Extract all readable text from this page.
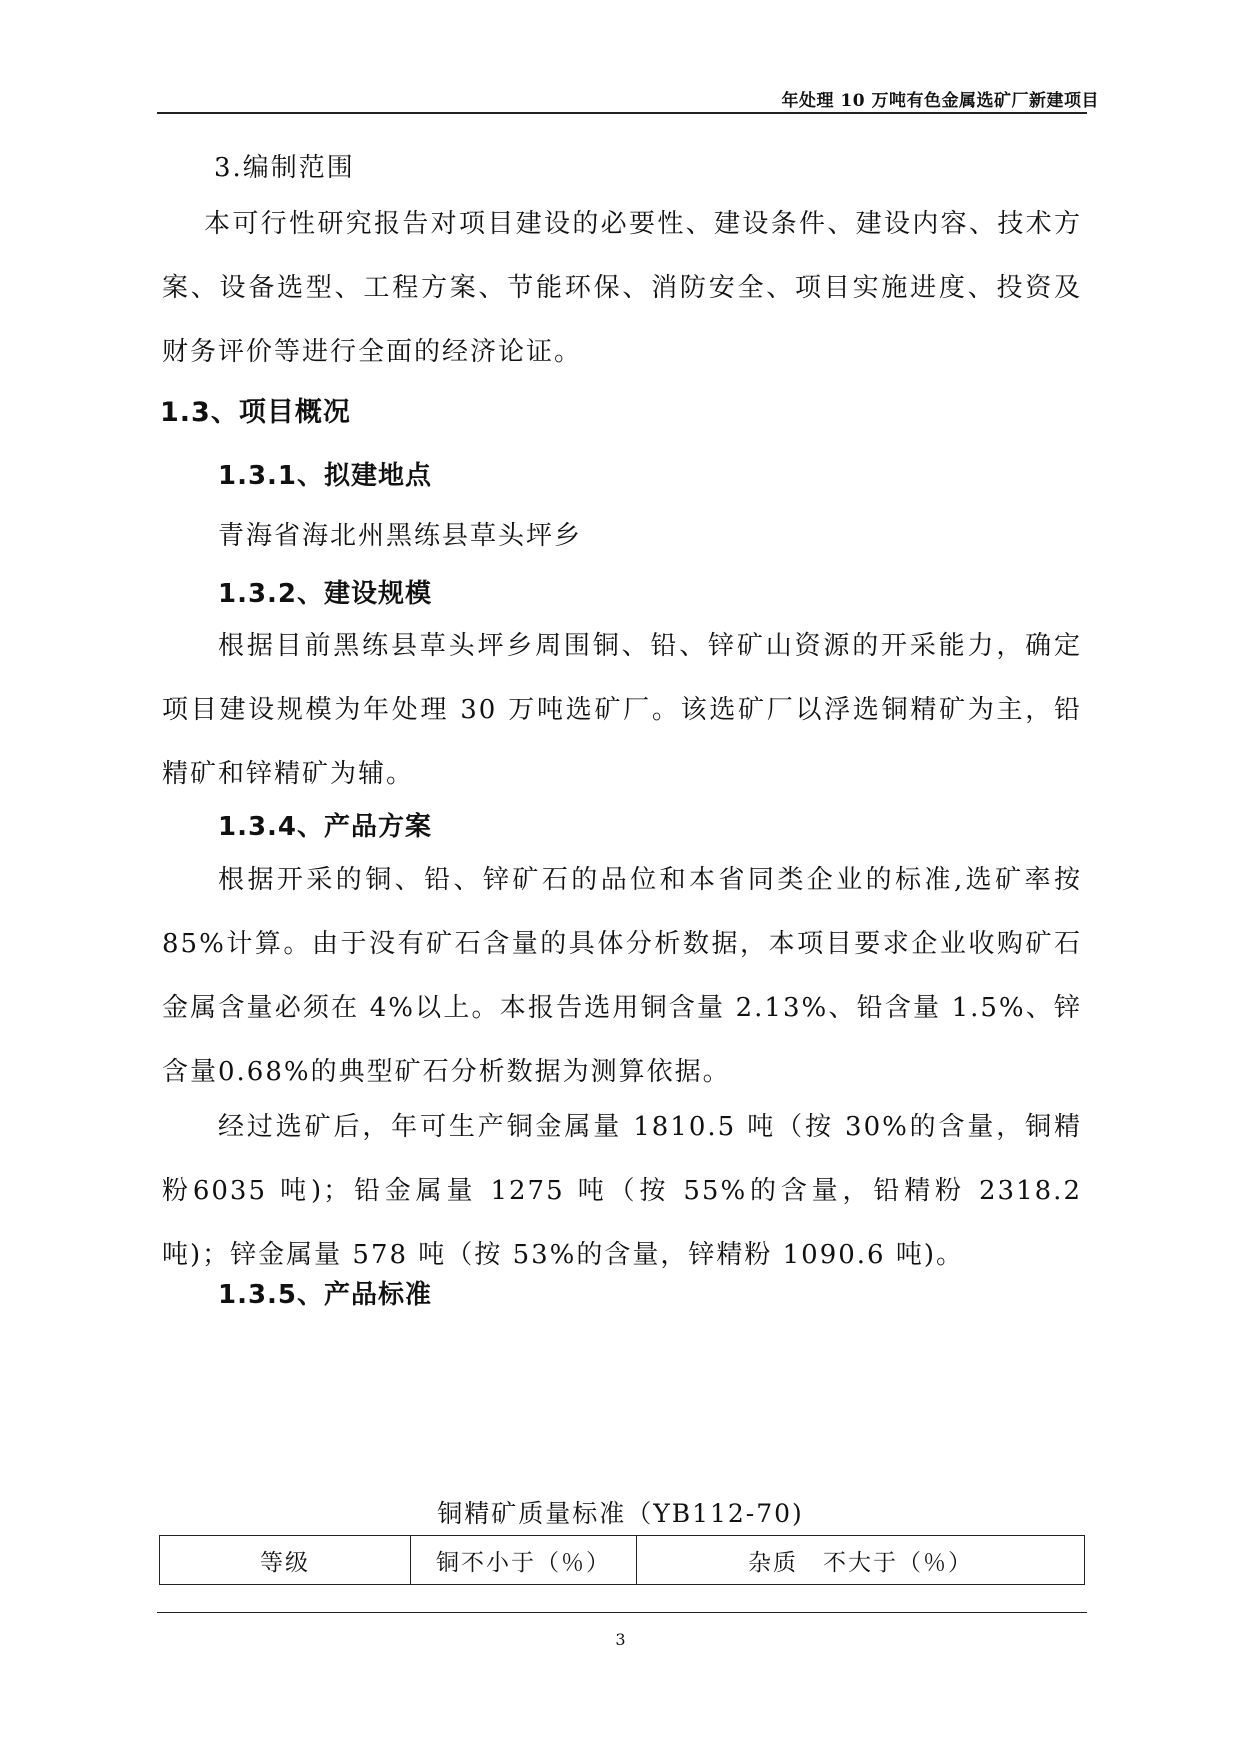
年处理 10 万吨有色金属选矿厂新建项目
3.编制范围

本可行性研究报告对项目建设的必要性、建设条件、建设内容、技术方案、设备选型、工程方案、节能环保、消防安全、项目实施进度、投资及财务评价等进行全面的经济论证。

1.3、项目概况
1.3.1、拟建地点
青海省海北州黑练县草头坪乡
1.3.2、建设规模

根据目前黑练县草头坪乡周围铜、铅、锌矿山资源的开采能力，确定项目建设规模为年处理 30 万吨选矿厂。该选矿厂以浮选铜精矿为主，铅精矿和锌精矿为辅。

1.3.4、产品方案

根据开采的铜、铅、锌矿石的品位和本省同类企业的标准,选矿率按85%计算。由于没有矿石含量的具体分析数据，本项目要求企业收购矿石金属含量必须在 4%以上。本报告选用铜含量 2.13%、铅含量 1.5%、锌含量0.68%的典型矿石分析数据为测算依据。

经过选矿后，年可生产铜金属量 1810.5 吨（按 30%的含量，铜精粉6035 吨)；铅金属量 1275 吨（按 55%的含量，铅精粉 2318.2 吨)；锌金属量 578 吨（按 53%的含量，锌精粉 1090.6 吨)。

1.3.5、产品标准
铜精矿质量标准（YB112-70)
等级	铜不小于（％）	杂质　不大于（％）
3
